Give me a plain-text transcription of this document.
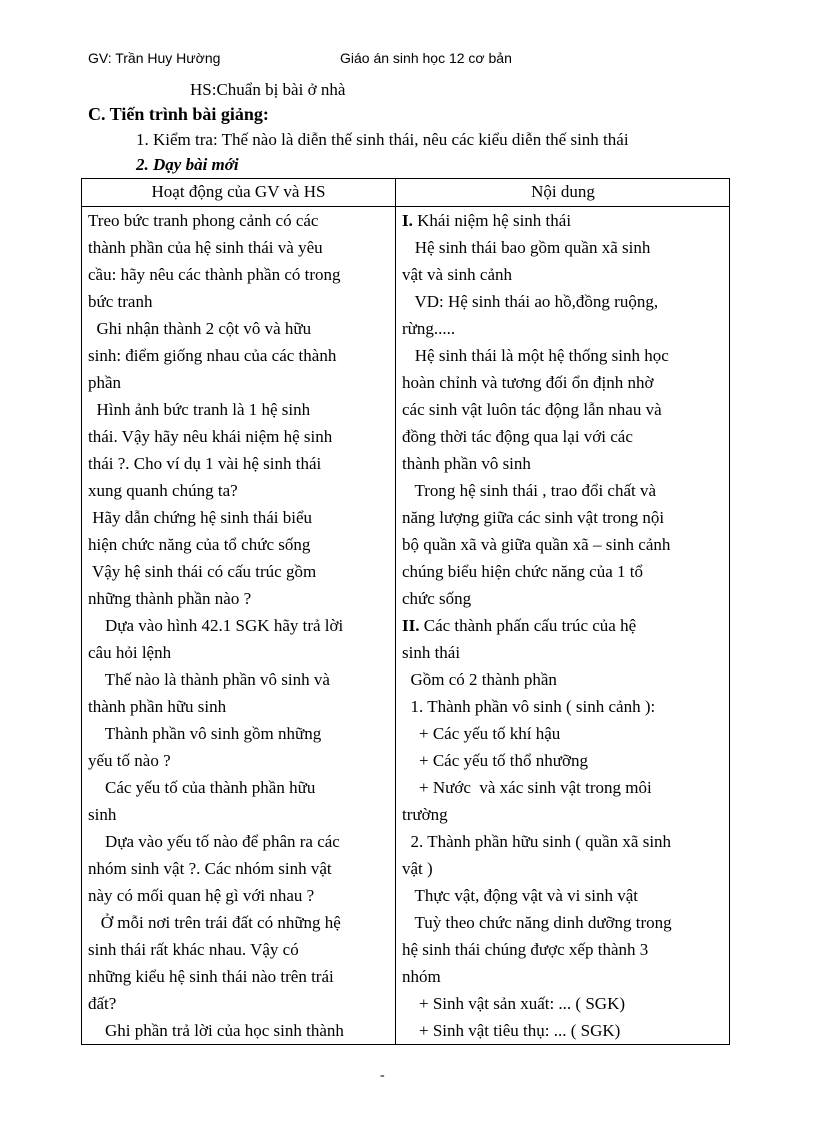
GV: Trần Huy Hường	Giáo án sinh học 12 cơ bản
HS:Chuẩn bị bài ở nhà
C. Tiến trình bài giảng:
1. Kiểm tra: Thế nào là diễn thế sinh thái, nêu các kiểu diễn thế sinh thái
2. Dạy bài mới
Hoạt động của GV và HS	Nội dung
Treo bức tranh phong cảnh có các
thành phần của hệ sinh thái và yêu
cầu: hãy nêu các thành phần có trong
bức tranh
Ghi nhận thành 2 cột vô và hữu
sinh: điểm giống nhau của các thành
phần
Hình ảnh bức tranh là 1 hệ sinh
thái. Vậy hãy nêu khái niệm hệ sinh
thái ?. Cho ví dụ 1 vài hệ sinh thái
xung quanh chúng ta?
Hãy dẫn chứng hệ sinh thái biểu
hiện chức năng của tổ chức sống
Vậy hệ sinh thái có cấu trúc gồm
những thành phần nào ?
Dựa vào hình 42.1 SGK hãy trả lời
câu hỏi lệnh
Thế nào là thành phần vô sinh và
thành phần hữu sinh
Thành phần vô sinh gồm những
yếu tố nào ?
Các yếu tố của thành phần hữu
sinh
Dựa vào yếu tố nào để phân ra các
nhóm sinh vật ?. Các nhóm sinh vật
này có mối quan hệ gì với nhau ?
Ở mỗi nơi trên trái đất có những hệ
sinh thái rất khác nhau. Vậy có
những kiểu hệ sinh thái nào trên trái
đất?
Ghi phần trả lời của học sinh thành
I. Khái niệm hệ sinh thái
Hệ sinh thái bao gồm quần xã sinh
vật và sinh cảnh
VD: Hệ sinh thái ao hồ,đồng ruộng,
rừng.....
Hệ sinh thái là một hệ thống sinh học
hoàn chỉnh và tương đối ổn định nhờ
các sinh vật luôn tác động lẫn nhau và
đồng thời tác động qua lại với các
thành phần vô sinh
Trong hệ sinh thái , trao đổi chất và
năng lượng giữa các sinh vật trong nội
bộ quần xã và giữa quần xã – sinh cảnh
chúng biểu hiện chức năng của 1 tổ
chức sống
II. Các thành phấn cấu trúc của hệ
sinh thái
Gồm có 2 thành phần
1. Thành phần vô sinh ( sinh cảnh ):
+ Các yếu tố khí hậu
+ Các yếu tố thổ nhưỡng
+ Nước  và xác sinh vật trong môi
trường
2. Thành phần hữu sinh ( quần xã sinh
vật )
Thực vật, động vật và vi sinh vật
Tuỳ theo chức năng dinh dưỡng trong
hệ sinh thái chúng được xếp thành 3
nhóm
+ Sinh vật sản xuất: ... ( SGK)
+ Sinh vật tiêu thụ: ... ( SGK)
-
